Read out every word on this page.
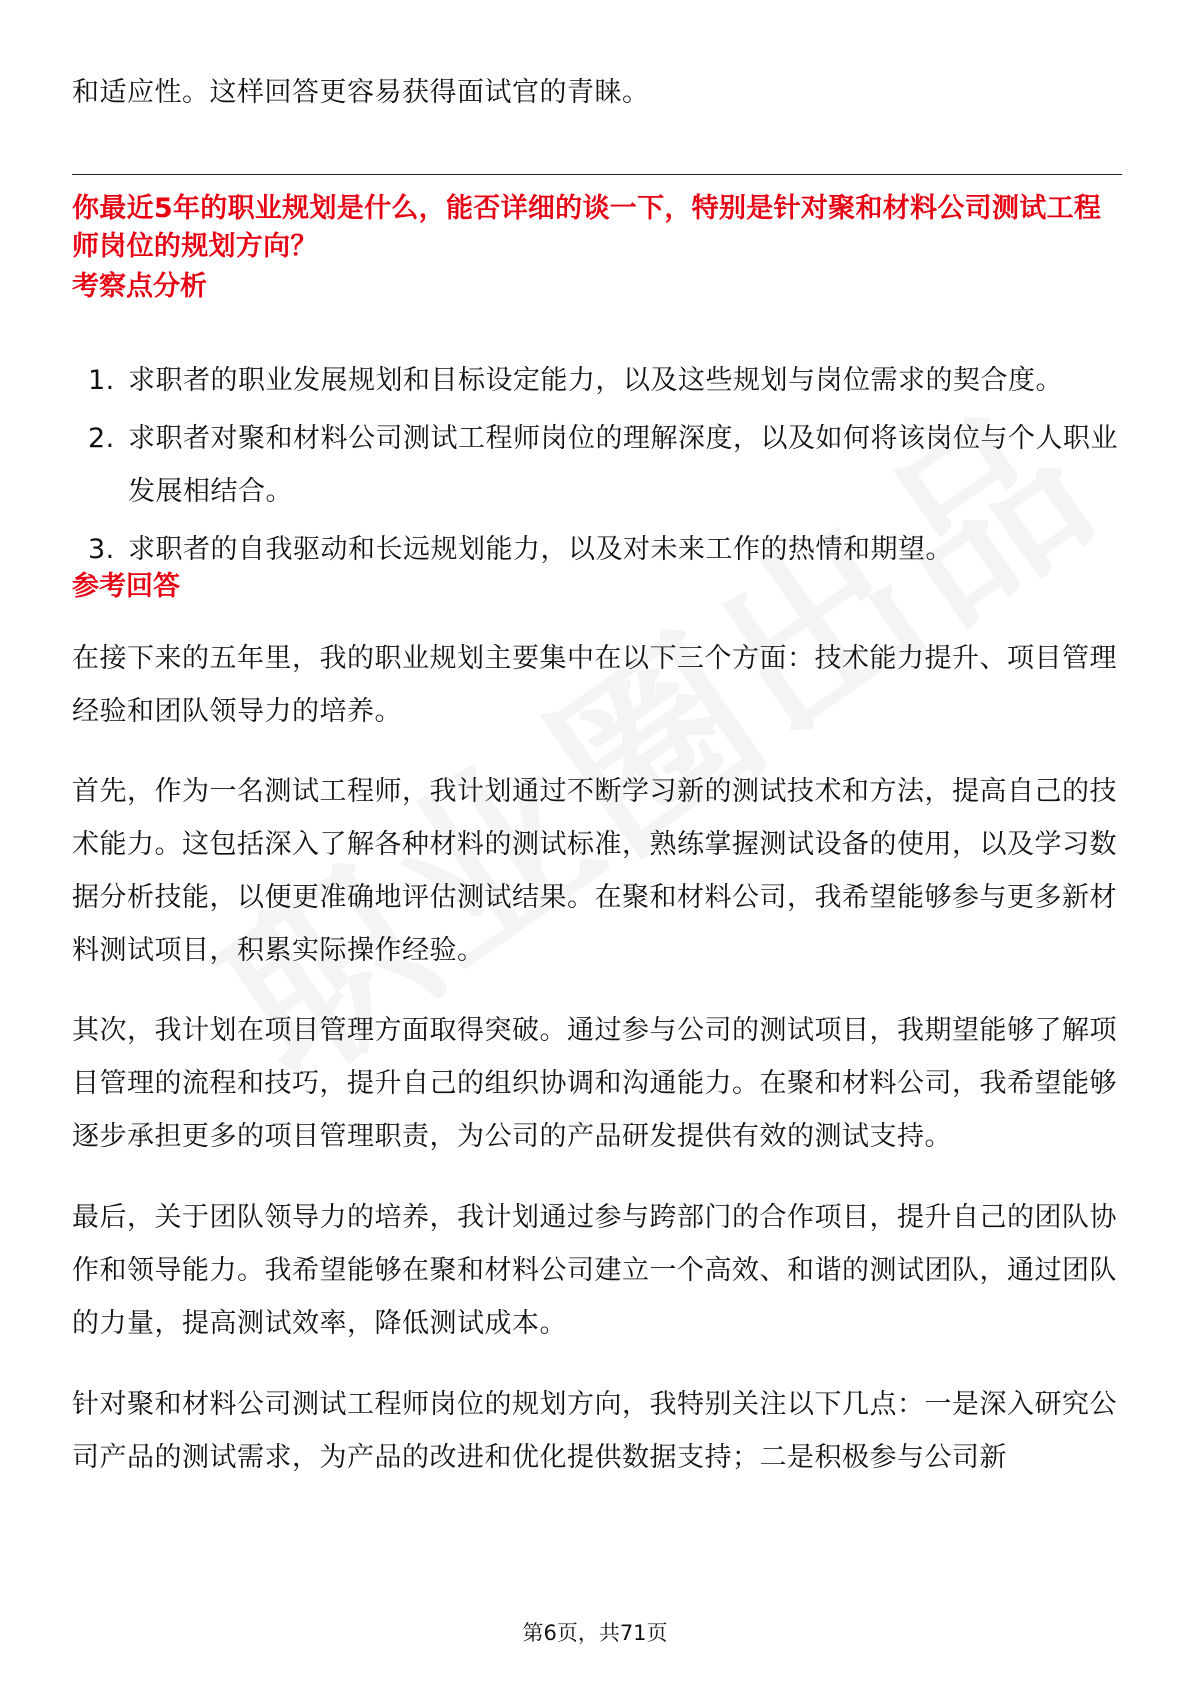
和适应性。这样回答更容易获得面试官的青睐。

你最近5年的职业规划是什么，能否详细的谈一下，特别是针对聚和材料公司测试工程师岗位的规划方向？

考察点分析

1. 求职者的职业发展规划和目标设定能力，以及这些规划与岗位需求的契合度。
2. 求职者对聚和材料公司测试工程师岗位的理解深度，以及如何将该岗位与个人职业发展相结合。
3. 求职者的自我驱动和长远规划能力，以及对未来工作的热情和期望。

参考回答

在接下来的五年里，我的职业规划主要集中在以下三个方面：技术能力提升、项目管理经验和团队领导力的培养。

首先，作为一名测试工程师，我计划通过不断学习新的测试技术和方法，提高自己的技术能力。这包括深入了解各种材料的测试标准，熟练掌握测试设备的使用，以及学习数据分析技能，以便更准确地评估测试结果。在聚和材料公司，我希望能够参与更多新材料测试项目，积累实际操作经验。

其次，我计划在项目管理方面取得突破。通过参与公司的测试项目，我期望能够了解项目管理的流程和技巧，提升自己的组织协调和沟通能力。在聚和材料公司，我希望能够逐步承担更多的项目管理职责，为公司的产品研发提供有效的测试支持。

最后，关于团队领导力的培养，我计划通过参与跨部门的合作项目，提升自己的团队协作和领导能力。我希望能够在聚和材料公司建立一个高效、和谐的测试团队，通过团队的力量，提高测试效率，降低测试成本。

针对聚和材料公司测试工程师岗位的规划方向，我特别关注以下几点：一是深入研究公司产品的测试需求，为产品的改进和优化提供数据支持；二是积极参与公司新

第6页，共71页
